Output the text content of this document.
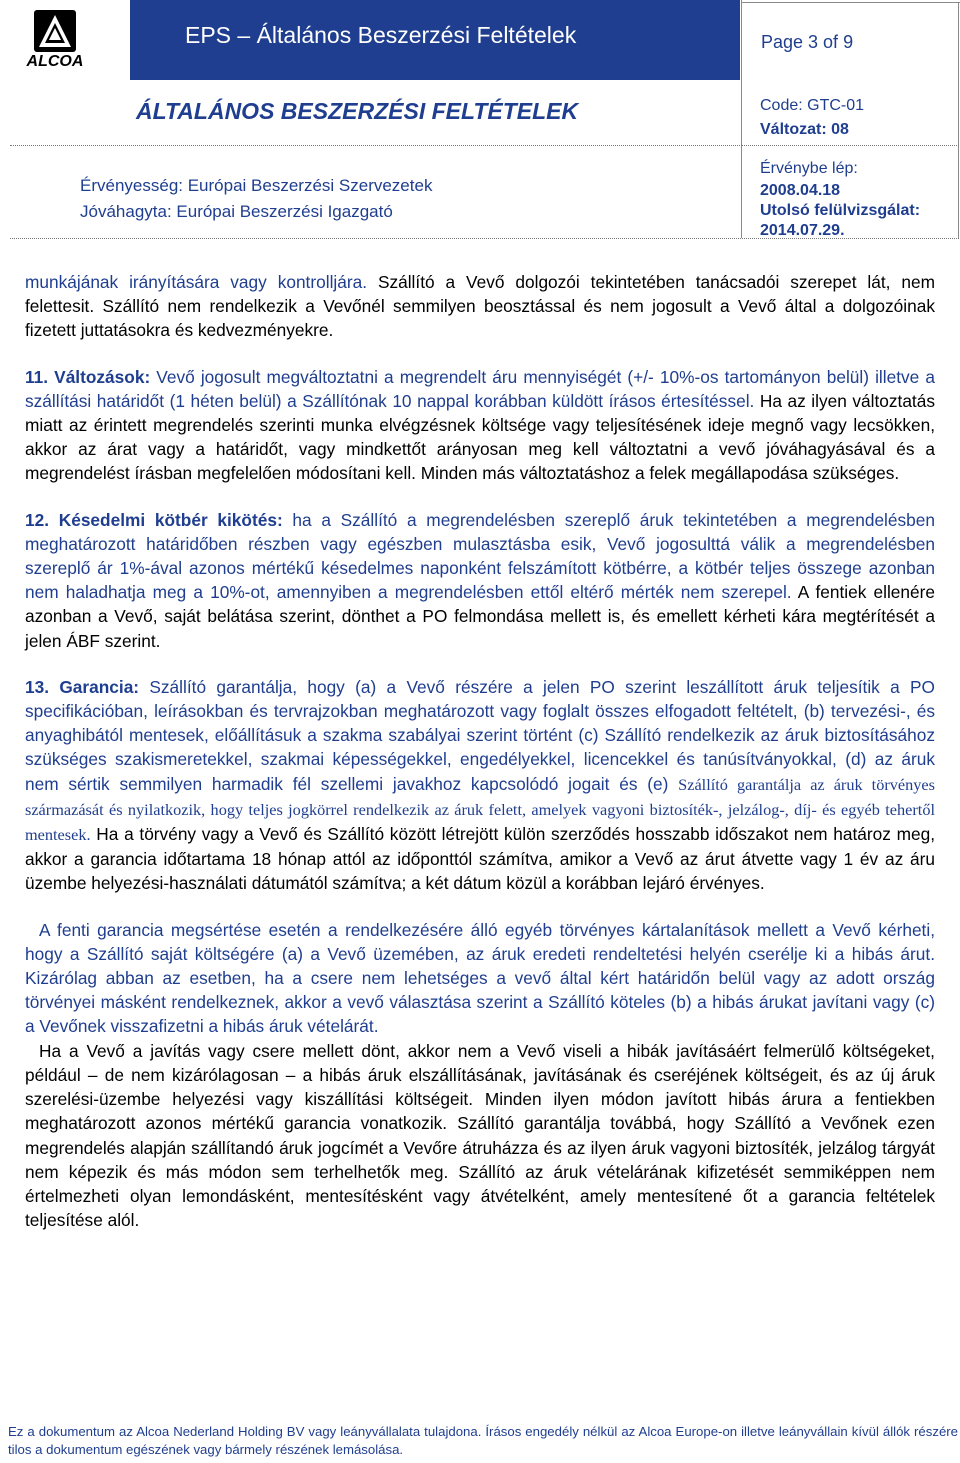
ALCOA
EPS – Általános Beszerzési Feltételek	Page 3 of 9
ÁLTALÁNOS BESZERZÉSI FELTÉTELEK	Code: GTC-01
Változat: 08
Érvényesség: Európai Beszerzési Szervezetek
Jóváhagyta: Európai Beszerzési Igazgató
Érvénybe lép:
2008.04.18
Utolsó felülvizsgálat:
2014.07.29.

munkájának irányítására vagy kontrolljára. Szállító a Vevő dolgozói tekintetében tanácsadói szerepet lát, nem felettesit. Szállító nem rendelkezik a Vevőnél semmilyen beosztással és nem jogosult a Vevő által a dolgozóinak fizetett juttatásokra és kedvezményekre.

11. Változások: Vevő jogosult megváltoztatni a megrendelt áru mennyiségét (+/- 10%-os tartományon belül) illetve a szállítási határidőt (1 héten belül) a Szállítónak 10 nappal korábban küldött írásos értesítéssel. Ha az ilyen változtatás miatt az érintett megrendelés szerinti munka elvégzésnek költsége vagy teljesítésének ideje megnő vagy lecsökken, akkor az árat vagy a határidőt, vagy mindkettőt arányosan meg kell változtatni a vevő jóváhagyásával és a megrendelést írásban megfelelően módosítani kell. Minden más változtatáshoz a felek megállapodása szükséges.

12. Késedelmi kötbér kikötés: ha a Szállító a megrendelésben szereplő áruk tekintetében a megrendelésben meghatározott határidőben részben vagy egészben mulasztásba esik, Vevő jogosulttá válik a megrendelésben szereplő ár 1%-ával azonos mértékű késedelmes naponként felszámított kötbérre, a kötbér teljes összege azonban nem haladhatja meg a 10%-ot, amennyiben a megrendelésben ettől eltérő mérték nem szerepel. A fentiek ellenére azonban a Vevő, saját belátása szerint, dönthet a PO felmondása mellett is, és emellett kérheti kára megtérítését a jelen ÁBF szerint.

13. Garancia: Szállító garantálja, hogy (a) a Vevő részére a jelen PO szerint leszállított áruk teljesítik a PO specifikációban, leírásokban és tervrajzokban meghatározott vagy foglalt összes elfogadott feltételt, (b) tervezési-, és anyaghibától mentesek, előállításuk a szakma szabályai szerint történt (c) Szállító rendelkezik az áruk biztosításához szükséges szakismeretekkel, szakmai képességekkel, engedélyekkel, licencekkel és tanúsítványokkal, (d) az áruk nem sértik semmilyen harmadik fél szellemi javakhoz kapcsolódó jogait és (e) Szállító garantálja az áruk törvényes származását és nyilatkozik, hogy teljes jogkörrel rendelkezik az áruk felett, amelyek vagyoni biztosíték-, jelzálog-, díj- és egyéb tehertől mentesek. Ha a törvény vagy a Vevő és Szállító között létrejött külön szerződés hosszabb időszakot nem határoz meg, akkor a garancia időtartama 18 hónap attól az időponttól számítva, amikor a Vevő az árut átvette vagy 1 év az áru üzembe helyezési-használati dátumától számítva; a két dátum közül a korábban lejáró érvényes.

A fenti garancia megsértése esetén a rendelkezésére álló egyéb törvényes kártalanítások mellett a Vevő kérheti, hogy a Szállító saját költségére (a) a Vevő üzemében, az áruk eredeti rendeltetési helyén cserélje ki a hibás árut. Kizárólag abban az esetben, ha a csere nem lehetséges a vevő által kért határidőn belül vagy az adott ország törvényei másként rendelkeznek, akkor a vevő választása szerint a Szállító köteles (b) a hibás árukat javítani vagy (c) a Vevőnek visszafizetni a hibás áruk vételárát.

Ha a Vevő a javítás vagy csere mellett dönt, akkor nem a Vevő viseli a hibák javításáért felmerülő költségeket, például – de nem kizárólagosan – a hibás áruk elszállításának, javításának és cseréjének költségeit, és az új áruk szerelési-üzembe helyezési vagy kiszállítási költségeit. Minden ilyen módon javított hibás árura a fentiekben meghatározott azonos mértékű garancia vonatkozik. Szállító garantálja továbbá, hogy Szállító a Vevőnek ezen megrendelés alapján szállítandó áruk jogcímét a Vevőre átruházza és az ilyen áruk vagyoni biztosíték, jelzálog tárgyát nem képezik és más módon sem terhelhetők meg. Szállító az áruk vételárának kifizetését semmiképpen nem értelmezheti olyan lemondásként, mentesítésként vagy átvételként, amely mentesítené őt a garancia feltételek teljesítése alól.

Ez a dokumentum az Alcoa Nederland Holding BV vagy leányvállalata tulajdona. Írásos engedély nélkül az Alcoa Europe-on illetve leányvállain kívül állók részére tilos a dokumentum egészének vagy bármely részének lemásolása.
